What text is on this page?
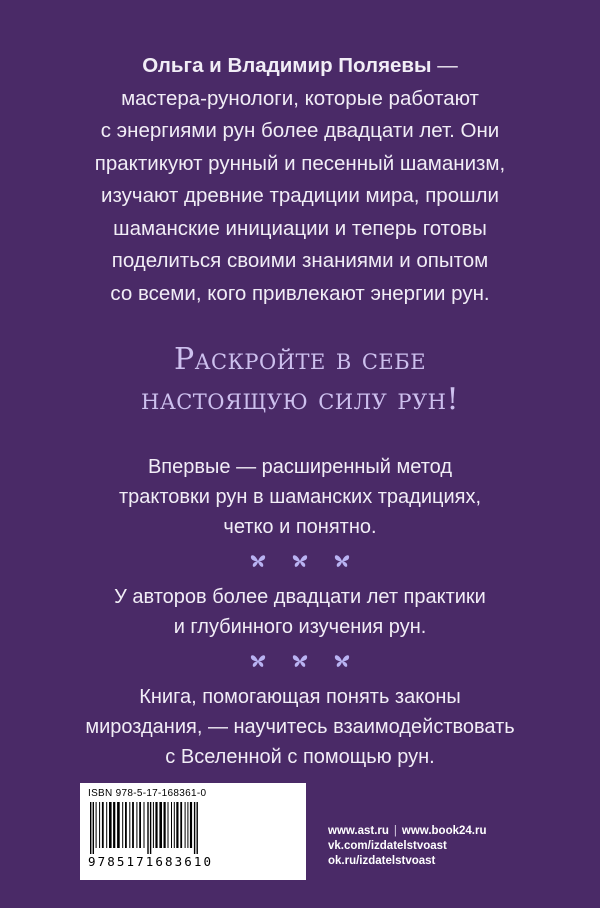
Ольга и Владимир Поляевы —
мастера-рунологи, которые работают
с энергиями рун более двадцати лет. Они
практикуют рунный и песенный шаманизм,
изучают древние традиции мира, прошли
шаманские инициации и теперь готовы
поделиться своими знаниями и опытом
со всеми, кого привлекают энергии рун.
Раскройте в себе
настоящую силу рун!
Впервые — расширенный метод
трактовки рун в шаманских традициях,
четко и понятно.
У авторов более двадцати лет практики
и глубинного изучения рун.
Книга, помогающая понять законы
мироздания, — научитесь взаимодействовать
с Вселенной с помощью рун.
ISBN 978-5-17-168361-0
9785171683610
www.ast.ru | www.book24.ru
vk.com/izdatelstvoast
ok.ru/izdatelstvoast
